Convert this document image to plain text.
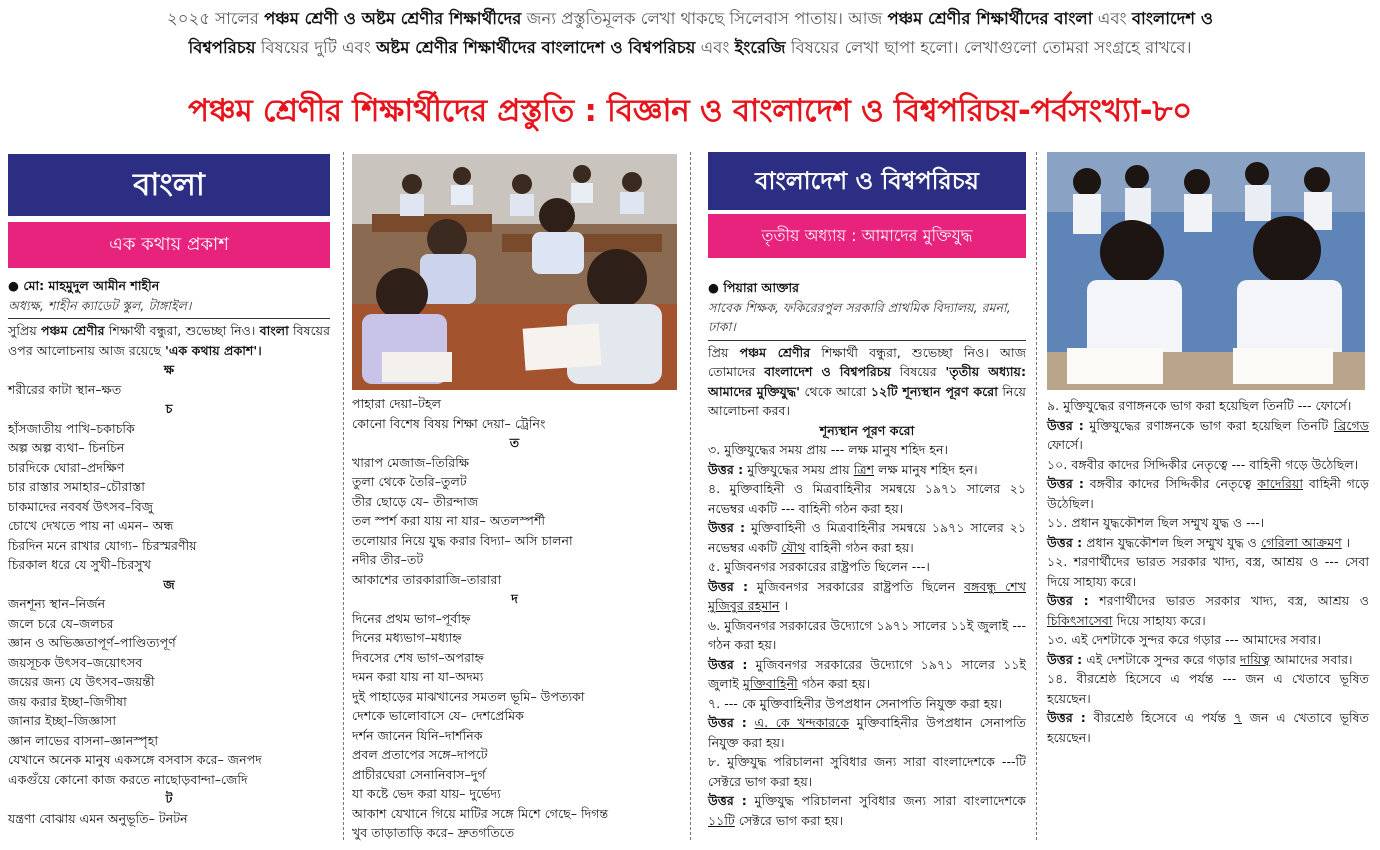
২০২৫ সালের পঞ্চম শ্রেণী ও অষ্টম শ্রেণীর শিক্ষার্থীদের জন্য প্রস্তুতিমূলক লেখা থাকছে সিলেবাস পাতায়। আজ পঞ্চম শ্রেণীর শিক্ষার্থীদের বাংলা এবং বাংলাদেশ ও
বিশ্বপরিচয় বিষয়ের দুটি এবং অষ্টম শ্রেণীর শিক্ষার্থীদের বাংলাদেশ ও বিশ্বপরিচয় এবং ইংরেজি বিষয়ের লেখা ছাপা হলো। লেখাগুলো তোমরা সংগ্রহে রাখবে।
পঞ্চম শ্রেণীর শিক্ষার্থীদের প্রস্তুতি : বিজ্ঞান ও বাংলাদেশ ও বিশ্বপরিচয়-পর্বসংখ্যা-৮০
বাংলা
এক কথায় প্রকাশ
● মো: মাহমুদুল আমীন শাহীন
অধ্যক্ষ, শাহীন ক্যাডেট স্কুল, টাঙ্গাইল।
সুপ্রিয় পঞ্চম শ্রেণীর শিক্ষার্থী বন্ধুরা, শুভেচ্ছা নিও। বাংলা বিষয়ের ওপর আলোচনায় আজ রয়েছে 'এক কথায় প্রকাশ'।
ক্ষ
শরীরের কাটা স্থান–ক্ষত
চ
হাঁসজাতীয় পাখি–চকাচকি
অল্প অল্প ব্যথা– চিনচিন
চারদিকে ঘোরা–প্রদক্ষিণ
চার রাস্তার সমাহার–চৌরাস্তা
চাকমাদের নববর্ষ উৎসব–বিজু
চোখে দেখতে পায় না এমন– অন্ধ
চিরদিন মনে রাখার যোগ্য– চিরস্মরণীয়
চিরকাল ধরে যে সুখী–চিরসুখ
জ
জনশূন্য স্থান–নির্জন
জলে চরে যে–জলচর
জ্ঞান ও অভিজ্ঞতাপূর্ণ–পাণ্ডিত্যপূর্ণ
জয়সূচক উৎসব–জয়োৎসব
জয়ের জন্য যে উৎসব–জয়ন্তী
জয় করার ইচ্ছা–জিগীষা
জানার ইচ্ছা–জিজ্ঞাসা
জ্ঞান লাভের বাসনা–জ্ঞানস্পৃহা
যেখানে অনেক মানুষ একসঙ্গে বসবাস করে– জনপদ
একগুঁয়ে কোনো কাজ করতে নাছোড়বান্দা–জেদি
ট
যন্ত্রণা বোঝায় এমন অনুভূতি– টনটন
পাহারা দেয়া–টহল
কোনো বিশেষ বিষয় শিক্ষা দেয়া– ট্রেনিং
ত
খারাপ মেজাজ–তিরিক্ষি
তুলা থেকে তৈরি–তুলট
তীর ছোড়ে যে– তীরন্দাজ
তল স্পর্শ করা যায় না যার– অতলস্পর্শী
তলোয়ার নিয়ে যুদ্ধ করার বিদ্যা– অসি চালনা
নদীর তীর–তট
আকাশের তারকারাজি–তারারা
দ
দিনের প্রথম ভাগ–পূর্বাহ্ন
দিনের মধ্যভাগ–মধ্যাহ্ন
দিবসের শেষ ভাগ–অপরাহ্ন
দমন করা যায় না যা–অদম্য
দুই পাহাড়ের মাঝখানের সমতল ভূমি– উপত্যকা
দেশকে ভালোবাসে যে– দেশপ্রেমিক
দর্শন জানেন যিনি–দার্শনিক
প্রবল প্রতাপের সঙ্গে–দাপটে
প্রাচীরঘেরা সেনানিবাস–দুর্গ
যা কষ্টে ভেদ করা যায়– দুর্ভেদ্য
আকাশ যেখানে গিয়ে মাটির সঙ্গে মিশে গেছে– দিগন্ত
খুব তাড়াতাড়ি করে– দ্রুতগতিতে
বাংলাদেশ ও বিশ্বপরিচয়
তৃতীয় অধ্যায় : আমাদের মুক্তিযুদ্ধ
● পিয়ারা আক্তার
সাবেক শিক্ষক, ফকিরেরপুল সরকারি প্রাথমিক বিদ্যালয়, রমনা, ঢাকা।
প্রিয় পঞ্চম শ্রেণীর শিক্ষার্থী বন্ধুরা, শুভেচ্ছা নিও। আজ তোমাদের বাংলাদেশ ও বিশ্বপরিচয় বিষয়ের 'তৃতীয় অধ্যায়: আমাদের মুক্তিযুদ্ধ' থেকে আরো ১২টি শূন্যস্থান পূরণ করো নিয়ে আলোচনা করব।
শূন্যস্থান পূরণ করো
৩. মুক্তিযুদ্ধের সময় প্রায় --- লক্ষ মানুষ শহিদ হন।
উত্তর : মুক্তিযুদ্ধের সময় প্রায় ত্রিশ লক্ষ মানুষ শহিদ হন।
৪. মুক্তিবাহিনী ও মিত্রবাহিনীর সমন্বয়ে ১৯৭১ সালের ২১ নভেম্বর একটি --- বাহিনী গঠন করা হয়।
উত্তর : মুক্তিবাহিনী ও মিত্রবাহিনীর সমন্বয়ে ১৯৭১ সালের ২১ নভেম্বর একটি যৌথ বাহিনী গঠন করা হয়।
৫. মুজিবনগর সরকারের রাষ্ট্রপতি ছিলেন ---।
উত্তর : মুজিবনগর সরকারের রাষ্ট্রপতি ছিলেন বঙ্গবন্ধু শেখ মুজিবুর রহমান ।
৬. মুজিবনগর সরকারের উদ্যোগে ১৯৭১ সালের ১১ই জুলাই --- গঠন করা হয়।
উত্তর : মুজিবনগর সরকারের উদ্যোগে ১৯৭১ সালের ১১ই জুলাই মুক্তিবাহিনী গঠন করা হয়।
৭. --- কে মুক্তিবাহিনীর উপপ্রধান সেনাপতি নিযুক্ত করা হয়।
উত্তর : এ. কে খন্দকারকে মুক্তিবাহিনীর উপপ্রধান সেনাপতি নিযুক্ত করা হয়।
৮. মুক্তিযুদ্ধ পরিচালনা সুবিধার জন্য সারা বাংলাদেশকে ---টি সেক্টরে ভাগ করা হয়।
উত্তর : মুক্তিযুদ্ধ পরিচালনা সুবিধার জন্য সারা বাংলাদেশকে ১১টি সেক্টরে ভাগ করা হয়।
৯. মুক্তিযুদ্ধের রণাঙ্গনকে ভাগ করা হয়েছিল তিনটি --- ফোর্সে।
উত্তর : মুক্তিযুদ্ধের রণাঙ্গনকে ভাগ করা হয়েছিল তিনটি ব্রিগেড ফোর্সে।
১০. বঙ্গবীর কাদের সিদ্দিকীর নেতৃত্বে --- বাহিনী গড়ে উঠেছিল।
উত্তর : বঙ্গবীর কাদের সিদ্দিকীর নেতৃত্বে কাদেরিয়া বাহিনী গড়ে উঠেছিল।
১১. প্রধান যুদ্ধকৌশল ছিল সম্মুখ যুদ্ধ ও ---।
উত্তর : প্রধান যুদ্ধকৌশল ছিল সম্মুখ যুদ্ধ ও গেরিলা আক্রমণ ।
১২. শরণার্থীদের ভারত সরকার খাদ্য, বস্ত্র, আশ্রয় ও --- সেবা দিয়ে সাহায্য করে।
উত্তর : শরণার্থীদের ভারত সরকার খাদ্য, বস্ত্র, আশ্রয় ও চিকিৎসাসেবা দিয়ে সাহায্য করে।
১৩. এই দেশটাকে সুন্দর করে গড়ার --- আমাদের সবার।
উত্তর : এই দেশটাকে সুন্দর করে গড়ার দায়িত্ব আমাদের সবার।
১৪. বীরশ্রেষ্ঠ হিসেবে এ পর্যন্ত --- জন এ খেতাবে ভূষিত হয়েছেন।
উত্তর : বীরশ্রেষ্ঠ হিসেবে এ পর্যন্ত ৭ জন এ খেতাবে ভূষিত হয়েছেন।
